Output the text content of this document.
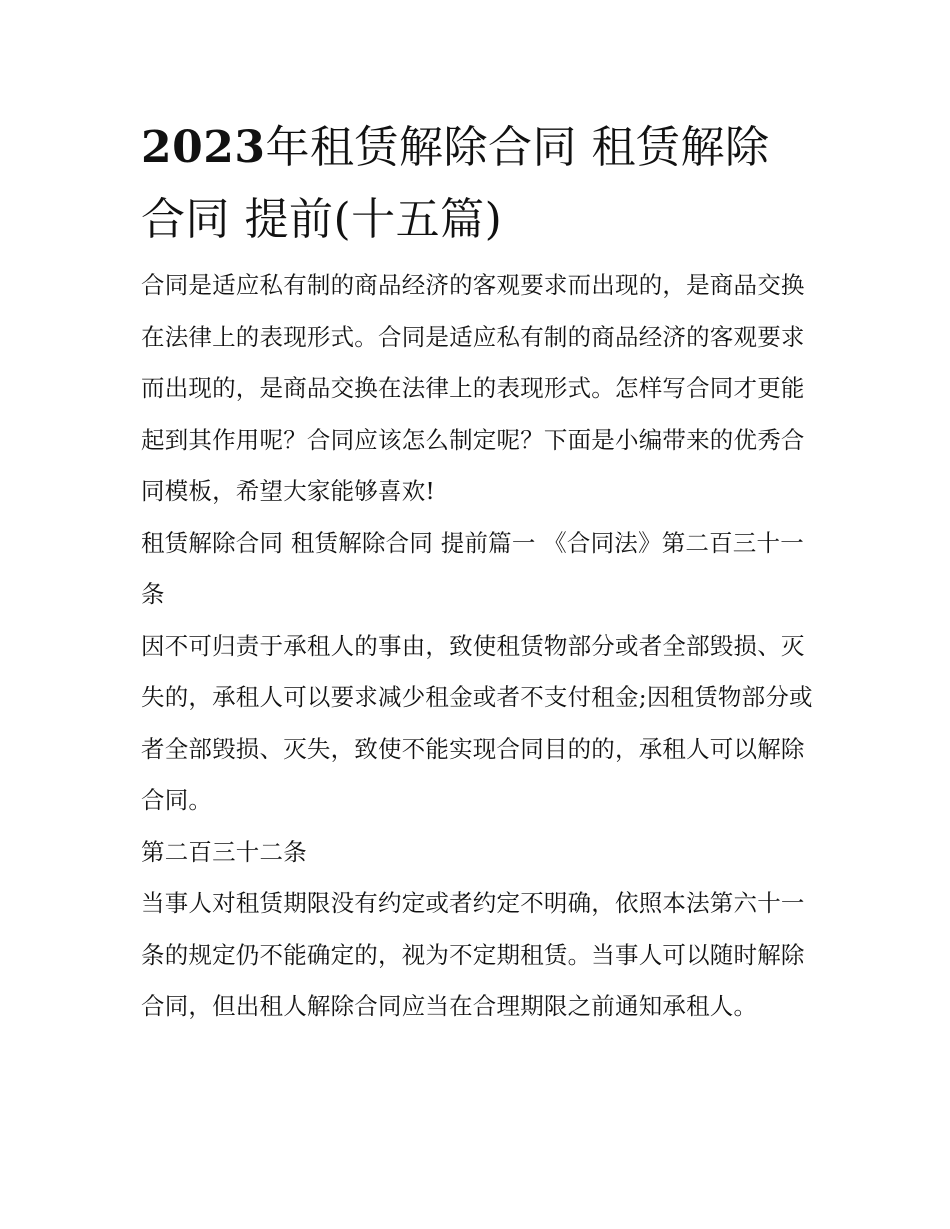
2023年租赁解除合同 租赁解除合同 提前(十五篇)

合同是适应私有制的商品经济的客观要求而出现的，是商品交换在法律上的表现形式。合同是适应私有制的商品经济的客观要求而出现的，是商品交换在法律上的表现形式。怎样写合同才更能起到其作用呢？合同应该怎么制定呢？下面是小编带来的优秀合同模板，希望大家能够喜欢!

租赁解除合同 租赁解除合同 提前篇一 《合同法》第二百三十一条

因不可归责于承租人的事由，致使租赁物部分或者全部毁损、灭失的，承租人可以要求减少租金或者不支付租金;因租赁物部分或者全部毁损、灭失，致使不能实现合同目的的，承租人可以解除合同。

第二百三十二条

当事人对租赁期限没有约定或者约定不明确，依照本法第六十一条的规定仍不能确定的，视为不定期租赁。当事人可以随时解除合同，但出租人解除合同应当在合理期限之前通知承租人。
